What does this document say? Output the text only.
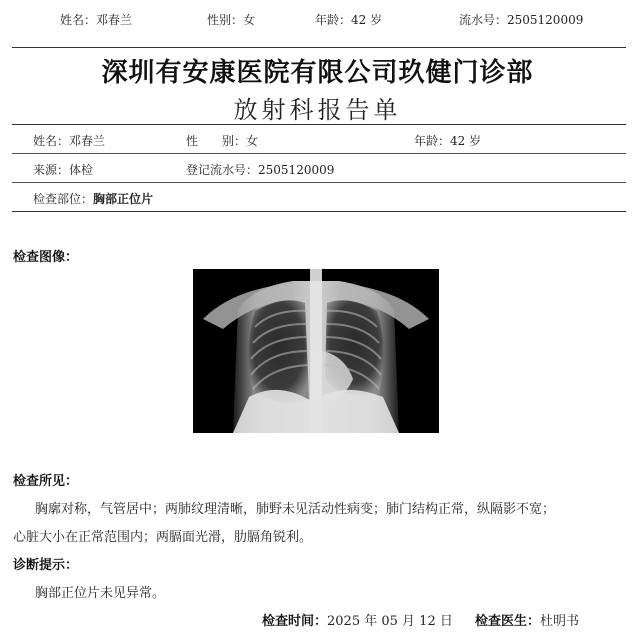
姓名：邓春兰	性别：女	年龄：42 岁	流水号：2505120009
深圳有安康医院有限公司玖健门诊部
放射科报告单
姓名：邓春兰	性　　别：女	年龄：42 岁
来源：体检	登记流水号：2505120009
检查部位：胸部正位片
检查图像：
检查所见：
胸廓对称，气管居中；两肺纹理清晰，肺野未见活动性病变；肺门结构正常，纵隔影不宽；
心脏大小在正常范围内；两膈面光滑，肋膈角锐利。
诊断提示：
胸部正位片未见异常。
检查时间：2025 年 05 月 12 日 检查医生：杜明书
